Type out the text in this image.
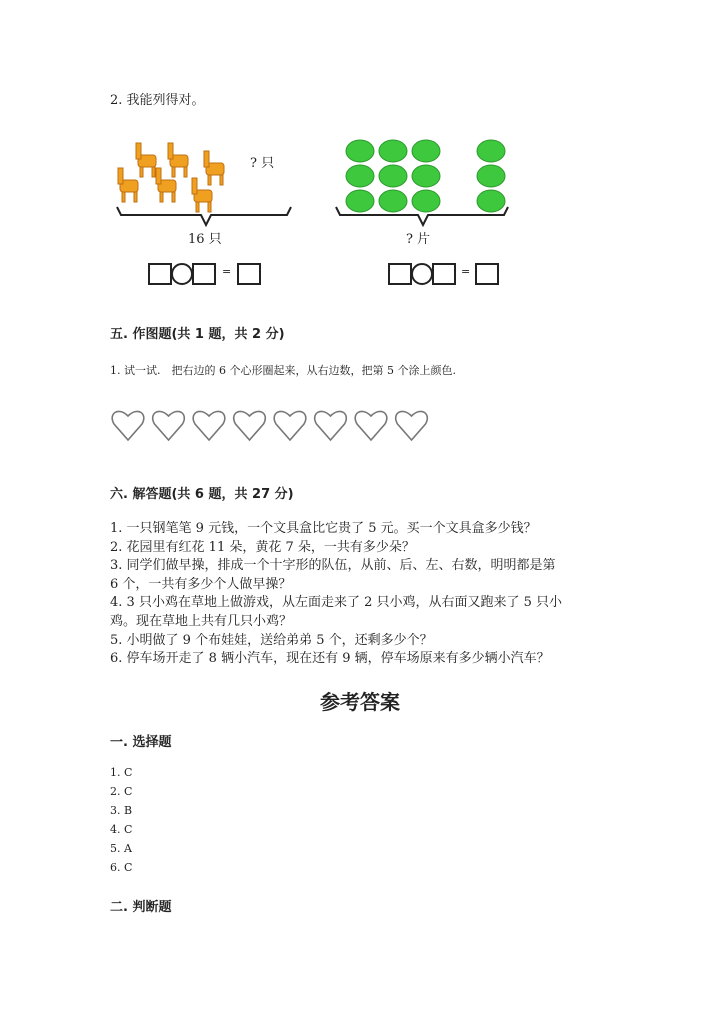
2. 我能列得对。
? 只
16 只
=
? 片
=
五. 作图题(共 1 题，共 2 分)
1. 试一试.　把右边的 6 个心形圈起来，从右边数，把第 5 个涂上颜色.
六. 解答题(共 6 题，共 27 分)
参考答案
一. 选择题
二. 判断题
1. 一只钢笔笔 9 元钱，一个文具盒比它贵了 5 元。买一个文具盒多少钱？
2. 花园里有红花 11 朵，黄花 7 朵，一共有多少朵？
3. 同学们做早操，排成一个十字形的队伍，从前、后、左、右数，明明都是第
6 个，一共有多少个人做早操？
4. 3 只小鸡在草地上做游戏，从左面走来了 2 只小鸡，从右面又跑来了 5 只小
鸡。现在草地上共有几只小鸡？
5. 小明做了 9 个布娃娃，送给弟弟 5 个，还剩多少个？
6. 停车场开走了 8 辆小汽车，现在还有 9 辆，停车场原来有多少辆小汽车？
1. C
2. C
3. B
4. C
5. A
6. C
